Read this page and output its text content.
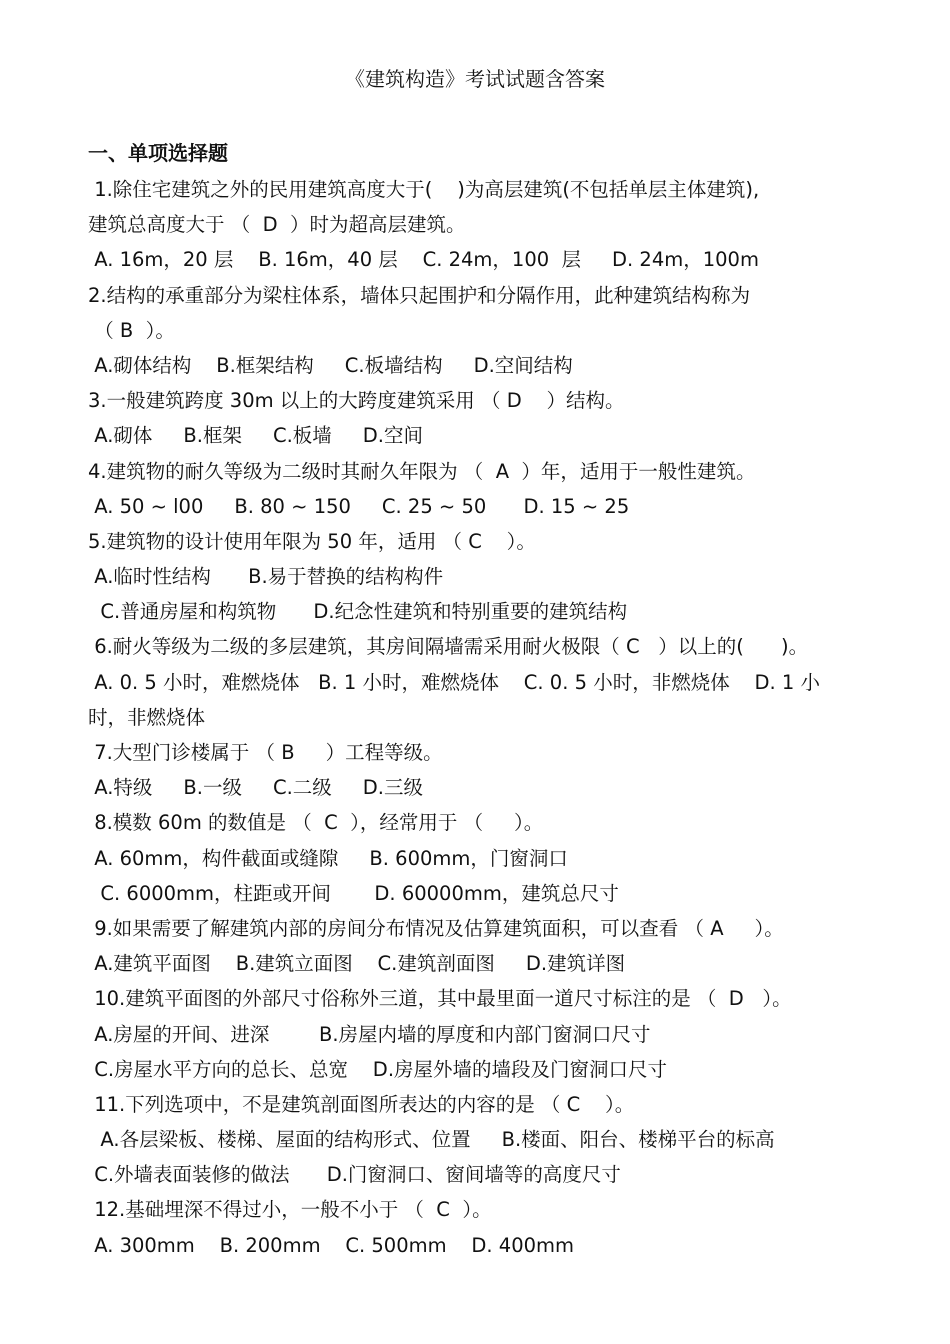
《建筑构造》考试试题含答案
一、单项选择题
1.除住宅建筑之外的民用建筑高度大于(    )为高层建筑(不包括单层主体建筑),
建筑总高度大于 （  D  ）时为超高层建筑。
A. 16m，20 层    B. 16m，40 层    C. 24m，100  层     D. 24m，100m
2.结构的承重部分为梁柱体系，墙体只起围护和分隔作用，此种建筑结构称为
（ B  ）。
A.砌体结构    B.框架结构     C.板墙结构     D.空间结构
3.一般建筑跨度 30m 以上的大跨度建筑采用 （ D    ）结构。
A.砌体     B.框架     C.板墙     D.空间
4.建筑物的耐久等级为二级时其耐久年限为 （  A  ）年，适用于一般性建筑。
A. 50 ~ l00     B. 80 ~ 150     C. 25 ~ 50      D. 15 ~ 25
5.建筑物的设计使用年限为 50 年，适用 （ C    ）。
A.临时性结构      B.易于替换的结构构件
C.普通房屋和构筑物      D.纪念性建筑和特别重要的建筑结构
6.耐火等级为二级的多层建筑，其房间隔墙需采用耐火极限（ C   ）以上的(      )。
A. 0. 5 小时，难燃烧体   B. 1 小时，难燃烧体    C. 0. 5 小时，非燃烧体    D. 1 小
时，非燃烧体
7.大型门诊楼属于 （ B     ）工程等级。
A.特级     B.一级     C.二级     D.三级
8.模数 60m 的数值是 （  C  ），经常用于 （     ）。
A. 60mm，构件截面或缝隙     B. 600mm，门窗洞口
C. 6000mm，柱距或开间       D. 60000mm，建筑总尺寸
9.如果需要了解建筑内部的房间分布情况及估算建筑面积，可以查看 （ A     ）。
A.建筑平面图    B.建筑立面图    C.建筑剖面图     D.建筑详图
10.建筑平面图的外部尺寸俗称外三道，其中最里面一道尺寸标注的是 （  D   ）。
A.房屋的开间、进深        B.房屋内墙的厚度和内部门窗洞口尺寸
C.房屋水平方向的总长、总宽    D.房屋外墙的墙段及门窗洞口尺寸
11.下列选项中，不是建筑剖面图所表达的内容的是 （ C    ）。
A.各层梁板、楼梯、屋面的结构形式、位置     B.楼面、阳台、楼梯平台的标高
C.外墙表面装修的做法      D.门窗洞口、窗间墙等的高度尺寸
12.基础埋深不得过小，一般不小于 （  C  ）。
A. 300mm    B. 200mm    C. 500mm    D. 400mm
